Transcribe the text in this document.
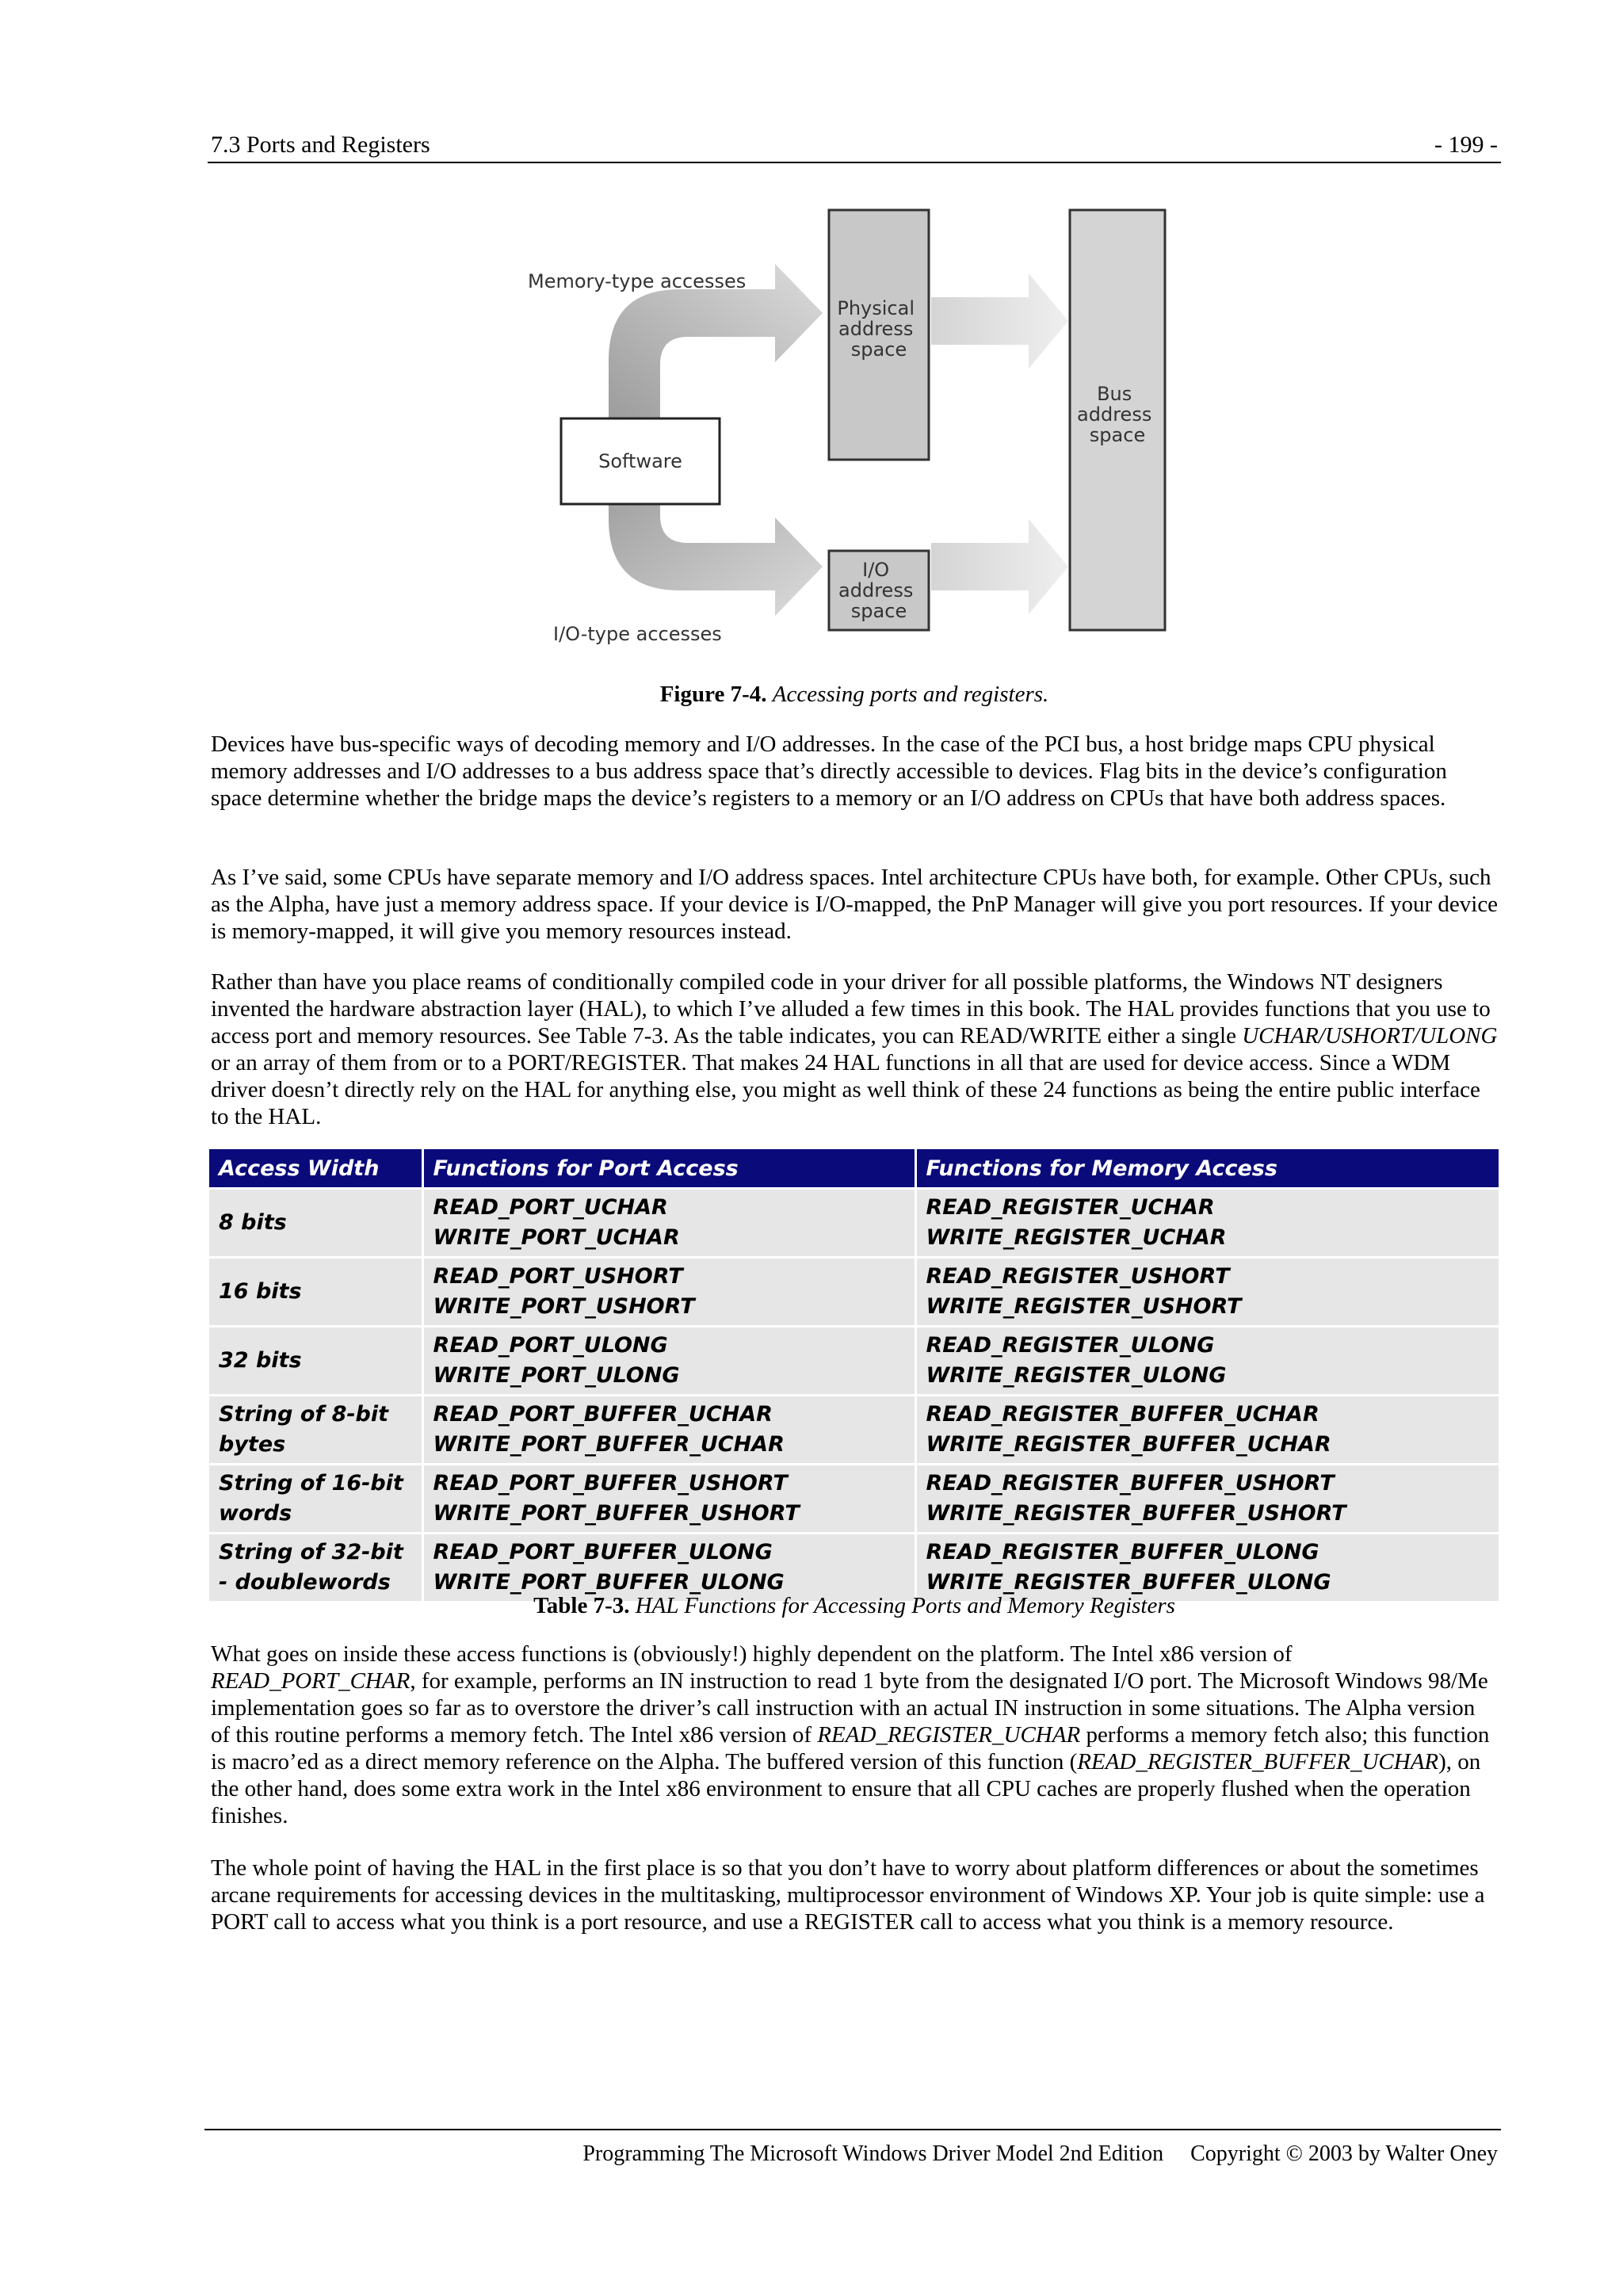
7.3 Ports and Registers	- 199 -
Software
Physical address space
I/O address space
Bus address space
Memory-type accesses
I/O-type accesses
Figure 7-4. Accessing ports and registers.

Devices have bus-specific ways of decoding memory and I/O addresses. In the case of the PCI bus, a host bridge maps CPU physical memory addresses and I/O addresses to a bus address space that’s directly accessible to devices. Flag bits in the device’s configuration space determine whether the bridge maps the device’s registers to a memory or an I/O address on CPUs that have both address spaces.

As I’ve said, some CPUs have separate memory and I/O address spaces. Intel architecture CPUs have both, for example. Other CPUs, such as the Alpha, have just a memory address space. If your device is I/O-mapped, the PnP Manager will give you port resources. If your device is memory-mapped, it will give you memory resources instead.

Rather than have you place reams of conditionally compiled code in your driver for all possible platforms, the Windows NT designers invented the hardware abstraction layer (HAL), to which I’ve alluded a few times in this book. The HAL provides functions that you use to access port and memory resources. See Table 7-3. As the table indicates, you can READ/WRITE either a single UCHAR/USHORT/ULONG or an array of them from or to a PORT/REGISTER. That makes 24 HAL functions in all that are used for device access. Since a WDM driver doesn’t directly rely on the HAL for anything else, you might as well think of these 24 functions as being the entire public interface to the HAL.

Access Width	Functions for Port Access	Functions for Memory Access
8 bits	READ_PORT_UCHAR WRITE_PORT_UCHAR	READ_REGISTER_UCHAR
WRITE_REGISTER_UCHAR

16 bits	READ_PORT_USHORT
WRITE_PORT_USHORT	READ_REGISTER_USHORT
WRITE_REGISTER_USHORT

32 bits	READ_PORT_ULONG WRITE_PORT_ULONG	READ_REGISTER_ULONG
WRITE_REGISTER_ULONG

String of 8-bit bytes	READ_PORT_BUFFER_UCHAR
WRITE_PORT_BUFFER_UCHAR	READ_REGISTER_BUFFER_UCHAR
WRITE_REGISTER_BUFFER_UCHAR

String of 16-bit words	READ_PORT_BUFFER_USHORT
WRITE_PORT_BUFFER_USHORT	READ_REGISTER_BUFFER_USHORT
WRITE_REGISTER_BUFFER_USHORT

String of 32-bit - doublewords	READ_PORT_BUFFER_ULONG
WRITE_PORT_BUFFER_ULONG	READ_REGISTER_BUFFER_ULONG
WRITE_REGISTER_BUFFER_ULONG
Table 7-3. HAL Functions for Accessing Ports and Memory Registers

What goes on inside these access functions is (obviously!) highly dependent on the platform. The Intel x86 version of READ_PORT_CHAR, for example, performs an IN instruction to read 1 byte from the designated I/O port. The Microsoft Windows 98/Me implementation goes so far as to overstore the driver’s call instruction with an actual IN instruction in some situations. The Alpha version of this routine performs a memory fetch. The Intel x86 version of READ_REGISTER_UCHAR performs a memory fetch also; this function is macro’ed as a direct memory reference on the Alpha. The buffered version of this function (READ_REGISTER_BUFFER_UCHAR), on the other hand, does some extra work in the Intel x86 environment to ensure that all CPU caches are properly flushed when the operation finishes.

The whole point of having the HAL in the first place is so that you don’t have to worry about platform differences or about the sometimes arcane requirements for accessing devices in the multitasking, multiprocessor environment of Windows XP. Your job is quite simple: use a PORT call to access what you think is a port resource, and use a REGISTER call to access what you think is a memory resource.

Programming The Microsoft Windows Driver Model 2nd Edition Copyright © 2003 by Walter Oney
